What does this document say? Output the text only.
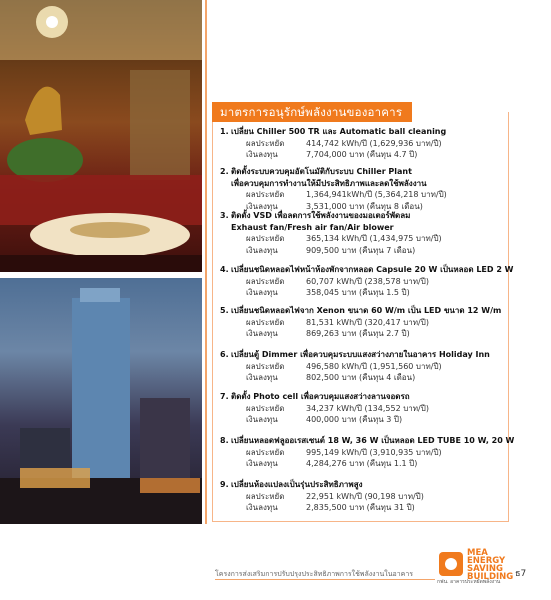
มาตรการอนุรักษ์พลังงานของอาคาร
1. เปลี่ยน Chiller 500 TR และ Automatic ball cleaning
ผลประหยัด	414,742 kWh/ปี (1,629,936 บาท/ปี)
เงินลงทุน	7,704,000 บาท (คืนทุน 4.7 ปี)
2. ติดตั้งระบบควบคุมอัตโนมัติกับระบบ Chiller Plant
เพื่อควบคุมการทำงานให้มีประสิทธิภาพและลดใช้พลังงาน
ผลประหยัด	1,364,941kWh/ปี (5,364,218 บาท/ปี)
เงินลงทุน	3,531,000 บาท (คืนทุน 8 เดือน)
3. ติดตั้ง VSD เพื่อลดการใช้พลังงานของมอเตอร์พัดลม
Exhaust fan/Fresh air fan/Air blower
ผลประหยัด	365,134 kWh/ปี (1,434,975 บาท/ปี)
เงินลงทุน	909,500 บาท (คืนทุน 7 เดือน)
4. เปลี่ยนชนิดหลอดไฟหน้าห้องพักจากหลอด Capsule 20 W เป็นหลอด LED 2 W
ผลประหยัด	60,707 kWh/ปี (238,578 บาท/ปี)
เงินลงทุน	358,045 บาท (คืนทุน 1.5 ปี)
5. เปลี่ยนชนิดหลอดไฟจาก Xenon ขนาด 60 W/m เป็น LED ขนาด 12 W/m
ผลประหยัด	81,531 kWh/ปี (320,417 บาท/ปี)
เงินลงทุน	869,263 บาท (คืนทุน 2.7 ปี)
6. เปลี่ยนตู้ Dimmer เพื่อควบคุมระบบแสงสว่างภายในอาคาร Holiday Inn
ผลประหยัด	496,580 kWh/ปี (1,951,560 บาท/ปี)
เงินลงทุน	802,500 บาท (คืนทุน 4 เดือน)
7. ติดตั้ง Photo cell เพื่อควบคุมแสงสว่างลานจอดรถ
ผลประหยัด	34,237 kWh/ปี (134,552 บาท/ปี)
เงินลงทุน	400,000 บาท (คืนทุน 3 ปี)
8. เปลี่ยนหลอดฟลูออเรสเซนต์ 18 W, 36 W เป็นหลอด LED TUBE 10 W, 20 W
ผลประหยัด	995,149 kWh/ปี (3,910,935 บาท/ปี)
เงินลงทุน	4,284,276 บาท (คืนทุน 1.1 ปี)
9. เปลี่ยนห้องแปลงเป็นรุ่นประสิทธิภาพสูง
ผลประหยัด	22,951 kWh/ปี (90,198 บาท/ปี)
เงินลงทุน	2,835,500 บาท (คืนทุน 31 ปี)
โครงการส่งเสริมการปรับปรุงประสิทธิภาพการใช้พลังงานในอาคาร
MEA
ENERGY
SAVING
BUILDING
กฟน. อาคารประหยัดพลังงาน
ธ7
